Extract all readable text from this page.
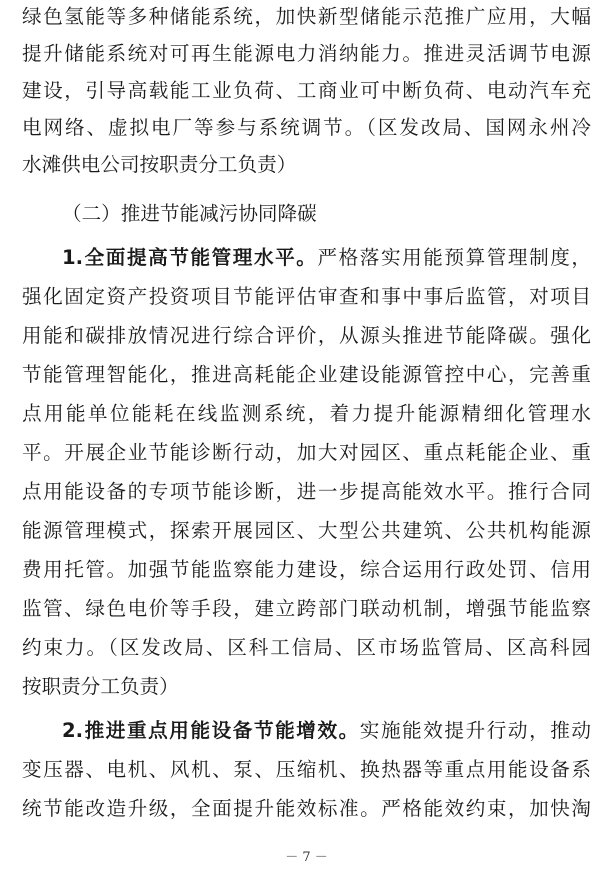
绿色氢能等多种储能系统，加快新型储能示范推广应用，大幅
提升储能系统对可再生能源电力消纳能力。推进灵活调节电源
建设，引导高载能工业负荷、工商业可中断负荷、电动汽车充
电网络、虚拟电厂等参与系统调节。（区发改局、国网永州冷
水滩供电公司按职责分工负责）
（二）推进节能减污协同降碳
1.全面提高节能管理水平。严格落实用能预算管理制度，
强化固定资产投资项目节能评估审查和事中事后监管，对项目
用能和碳排放情况进行综合评价，从源头推进节能降碳。强化
节能管理智能化，推进高耗能企业建设能源管控中心，完善重
点用能单位能耗在线监测系统，着力提升能源精细化管理水
平。开展企业节能诊断行动，加大对园区、重点耗能企业、重
点用能设备的专项节能诊断，进一步提高能效水平。推行合同
能源管理模式，探索开展园区、大型公共建筑、公共机构能源
费用托管。加强节能监察能力建设，综合运用行政处罚、信用
监管、绿色电价等手段，建立跨部门联动机制，增强节能监察
约束力。（区发改局、区科工信局、区市场监管局、区高科园
按职责分工负责）
2.推进重点用能设备节能增效。实施能效提升行动，推动
变压器、电机、风机、泵、压缩机、换热器等重点用能设备系
统节能改造升级，全面提升能效标准。严格能效约束，加快淘
－ 7 －
